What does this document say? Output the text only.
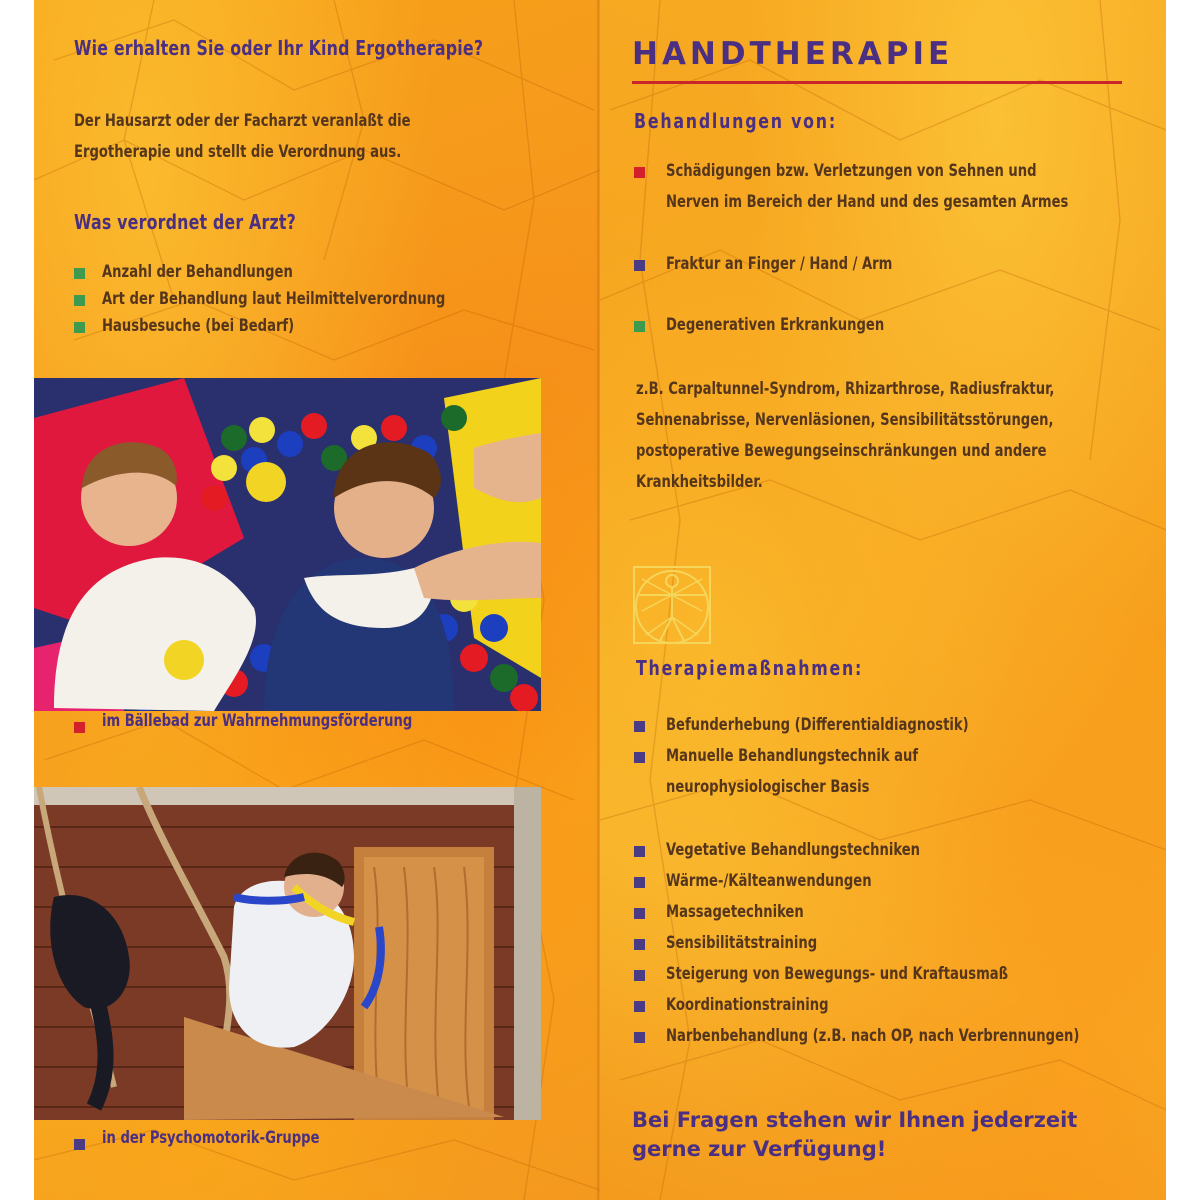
Wie erhalten Sie oder Ihr Kind Ergotherapie?
Der Hausarzt oder der Facharzt veranlaßt die
Ergotherapie und stellt die Verordnung aus.
Was verordnet der Arzt?
Anzahl der Behandlungen
Art der Behandlung laut Heilmittelverordnung
Hausbesuche (bei Bedarf)
im Bällebad zur Wahrnehmungsförderung
in der Psychomotorik-Gruppe
HANDTHERAPIE
Behandlungen von:
Schädigungen bzw. Verletzungen von Sehnen und
Nerven im Bereich der Hand und des gesamten Armes
Fraktur an Finger / Hand / Arm
Degenerativen Erkrankungen
z.B. Carpaltunnel-Syndrom, Rhizarthrose, Radiusfraktur,
Sehnenabrisse, Nervenläsionen, Sensibilitätsstörungen,
postoperative Bewegungseinschränkungen und andere
Krankheitsbilder.
Therapiemaßnahmen:
Befunderhebung (Differentialdiagnostik)
Manuelle Behandlungstechnik auf
neurophysiologischer Basis
Vegetative Behandlungstechniken
Wärme-/Kälteanwendungen
Massagetechniken
Sensibilitätstraining
Steigerung von Bewegungs- und Kraftausmaß
Koordinationstraining
Narbenbehandlung (z.B. nach OP, nach Verbrennungen)
Bei Fragen stehen wir Ihnen jederzeit
gerne zur Verfügung!
